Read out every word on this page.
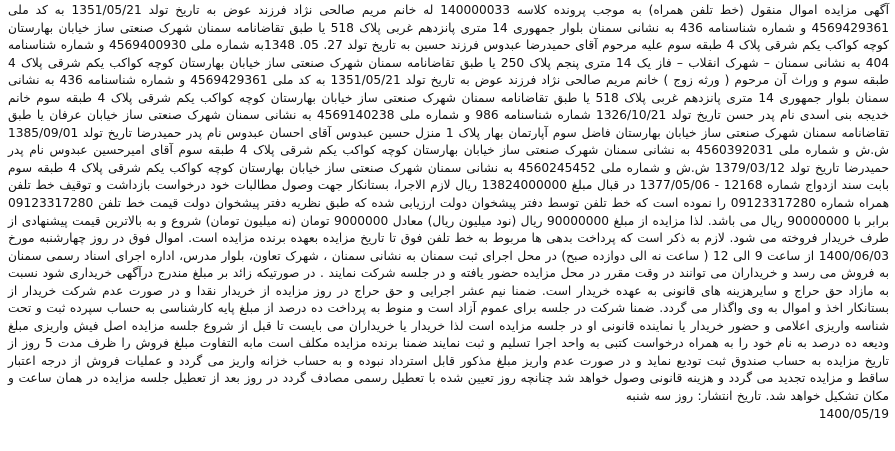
آگهی مزایده اموال منقول (خط تلفن همراه) به موجب پرونده کلاسه 140000033 له خانم مریم صالحی نژاد فرزند عوض به تاریخ تولد 1351/05/21 به کد ملی 4569429361 و شماره شناسنامه 436 به نشانی سمنان بلوار جمهوری 14 متری پانزدهم غربی پلاک 518 یا طبق تقاضانامه سمنان شهرک صنعتی ساز خیابان بهارستان کوچه کواکب یکم شرقی پلاک 4 طبقه سوم علیه مرحوم آقای حمیدرضا عبدوس فرزند حسین به تاریخ تولد 27. 05. 1348به شماره ملی 4569400930 و شماره شناسنامه 404 به نشانی سمنان – شهرک انقلاب – فاز یک 14 متری پنجم پلاک 250 یا طبق تقاضانامه سمنان شهرک صنعتی ساز خیابان بهارستان کوچه کواکب یکم شرقی پلاک 4 طبقه سوم و وراث آن مرحوم ( ورثه زوج ) خانم مریم صالحی نژاد فرزند عوض به تاریخ تولد 1351/05/21 به کد ملی 4569429361 و شماره شناسنامه 436 به نشانی سمنان بلوار جمهوری 14 متری پانزدهم غربی پلاک 518 یا طبق تقاضانامه سمنان شهرک صنعتی ساز خیابان بهارستان کوچه کواکب یکم شرقی پلاک 4 طبقه سوم خانم خدیجه بنی اسدی نام پدر حسن تاریخ تولد 1326/10/21 شماره شناسنامه 986 و شماره ملی 4569140238 به نشانی سمنان شهرک صنعتی ساز خیابان عرفان یا طبق تقاضانامه سمنان شهرک صنعتی ساز خیابان بهارستان فاضل سوم آپارتمان بهار پلاک 1 منزل حسین عبدوس آقای احسان عبدوس نام پدر حمیدرضا تاریخ تولد 1385/09/01 ش.ش و شماره ملی 4560392031 به نشانی سمنان شهرک صنعتی ساز خیابان بهارستان کوچه کواکب یکم شرقی پلاک 4 طبقه سوم آقای امیرحسین عبدوس نام پدر حمیدرضا تاریخ تولد 1379/03/12 ش.ش و شماره ملی 4560245452 به نشانی سمنان شهرک صنعتی ساز خیابان بهارستان کوچه کواکب یکم شرقی پلاک 4 طبقه سوم بابت سند ازدواج شماره 12168 - 1377/05/06 در قبال مبلغ 13824000000 ریال لازم الاجرا، بستانکار جهت وصول مطالبات خود درخواست بازداشت و توقیف خط تلفن همراه شماره 09123317280 را نموده است که خط تلفن توسط دفتر پیشخوان دولت ارزیابی شده که طبق نظریه دفتر پیشخوان دولت قیمت خط تلفن 09123317280 برابر با 90000000 ریال می باشد. لذا مزایده از مبلغ 90000000 ریال (نود میلیون ریال) معادل 9000000 تومان (نه میلیون تومان) شروع و به بالاترین قیمت پیشنهادی از طرف خریدار فروخته می شود. لازم به ذکر است که پرداخت بدهی ها مربوط به خط تلفن فوق تا تاریخ مزایده بعهده برنده مزایده است. اموال فوق در روز چهارشنبه مورخ 1400/06/03 از ساعت 9 الی 12 ( ساعت نه الی دوازده صبح) در محل اجرای ثبت سمنان به نشانی سمنان ، شهرک تعاون، بلوار مدرس، اداره اجرای اسناد رسمی سمنان به فروش می رسد و خریداران می توانند در وقت مقرر در محل مزایده حضور یافته و در جلسه شرکت نمایند . در صورتیکه زائد بر مبلغ مندرج درآگهی خریداری شود نسبت به مازاد حق حراج و سایرهزینه های قانونی به عهده خریدار است. ضمنا نیم عشر اجرایی و حق حراج در روز مزایده از خریدار نقدا و در صورت عدم شرکت خریدار از بستانکار اخذ و اموال به وی واگذار می گردد. ضمنا شرکت در جلسه برای عموم آزاد است و منوط به پرداخت ده درصد از مبلغ پایه کارشناسی به حساب سپرده ثبت و تحت شناسه واریزی اعلامی و حضور خریدار یا نماینده قانونی او در جلسه مزایده است لذا خریدار یا خریداران می بایست تا قبل از شروع جلسه مزایده اصل فیش واریزی مبلغ ودیعه ده درصد به نام خود را به همراه درخواست کتبی به واحد اجرا تسلیم و ثبت نمایند ضمنا برنده مزایده مکلف است مابه التفاوت مبلغ فروش را ظرف مدت 5 روز از تاریخ مزایده به حساب صندوق ثبت تودیع نماید و در صورت عدم واریز مبلغ مذکور قابل استرداد نبوده و به حساب خزانه واریز می گردد و عملیات فروش از درجه اعتبار ساقط و مزایده تجدید می گردد و هزینه قانونی وصول خواهد شد چنانچه روز تعیین شده با تعطیل رسمی مصادف گردد در روز بعد از تعطیل جلسه مزایده در همان ساعت و مکان تشکیل خواهد شد. تاریخ انتشار: روز سه شنبه

1400/05/19
